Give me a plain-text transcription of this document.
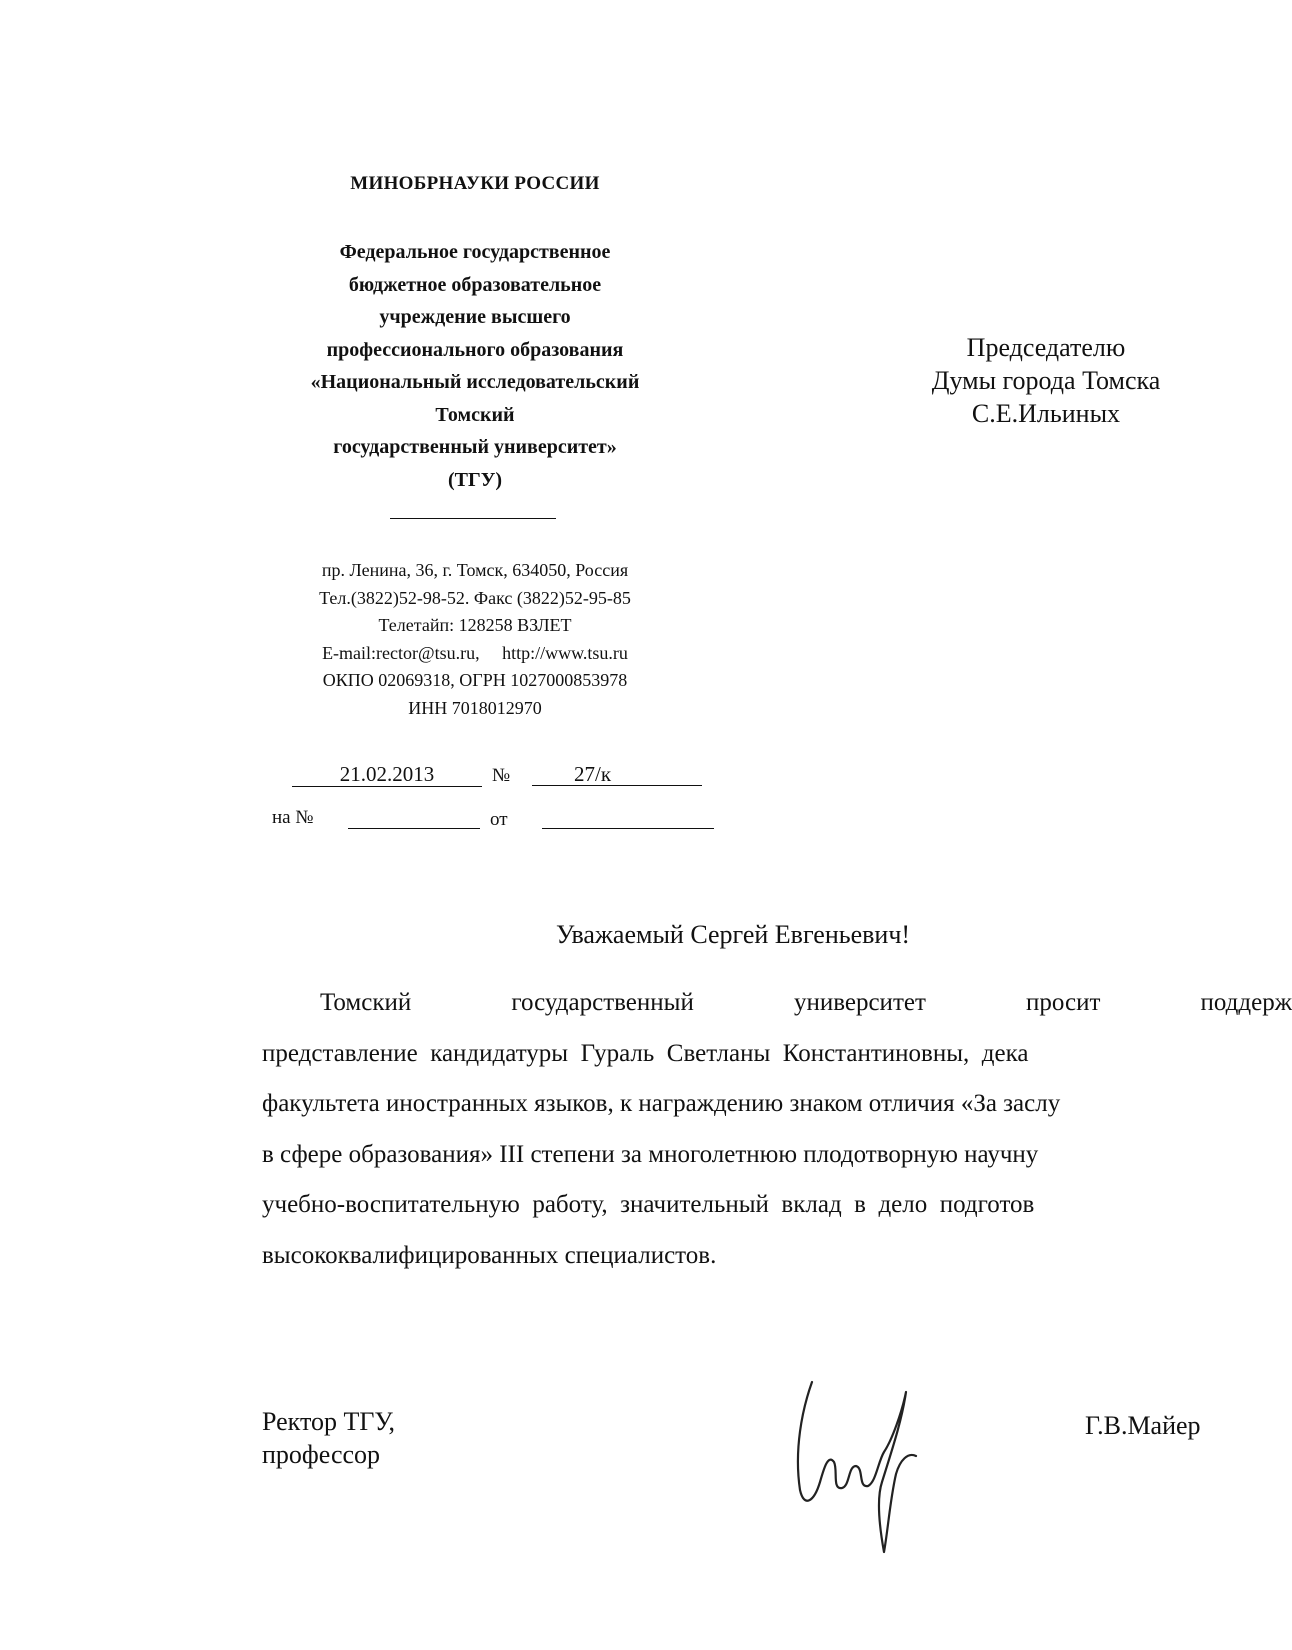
МИНОБРНАУКИ РОССИИ
Федеральное государственное
бюджетное образовательное
учреждение высшего
профессионального образования
«Национальный исследовательский
Томский
государственный университет»
(ТГУ)
пр. Ленина, 36, г. Томск, 634050, Россия
Тел.(3822)52-98-52. Факс (3822)52-95-85
Телетайп: 128258 ВЗЛЕТ
E-mail:rector@tsu.ru,     http://www.tsu.ru
ОКПО 02069318, ОГРН 1027000853978
ИНН 7018012970
21.02.2013	№	27/к
на №	от
Председателю
Думы города Томска
С.Е.Ильиных
Уважаемый Сергей Евгеньевич!
Томский	государственный	университет	просит	поддерж
представление  кандидатуры  Гураль  Светланы  Константиновны,  дека
факультета иностранных языков, к награждению знаком отличия «За заслу
в сфере образования» III степени за многолетнюю плодотворную научну
учебно-воспитательную  работу,  значительный  вклад  в  дело  подготов
высококвалифицированных специалистов.
Ректор ТГУ,
профессор
Г.В.Майер
